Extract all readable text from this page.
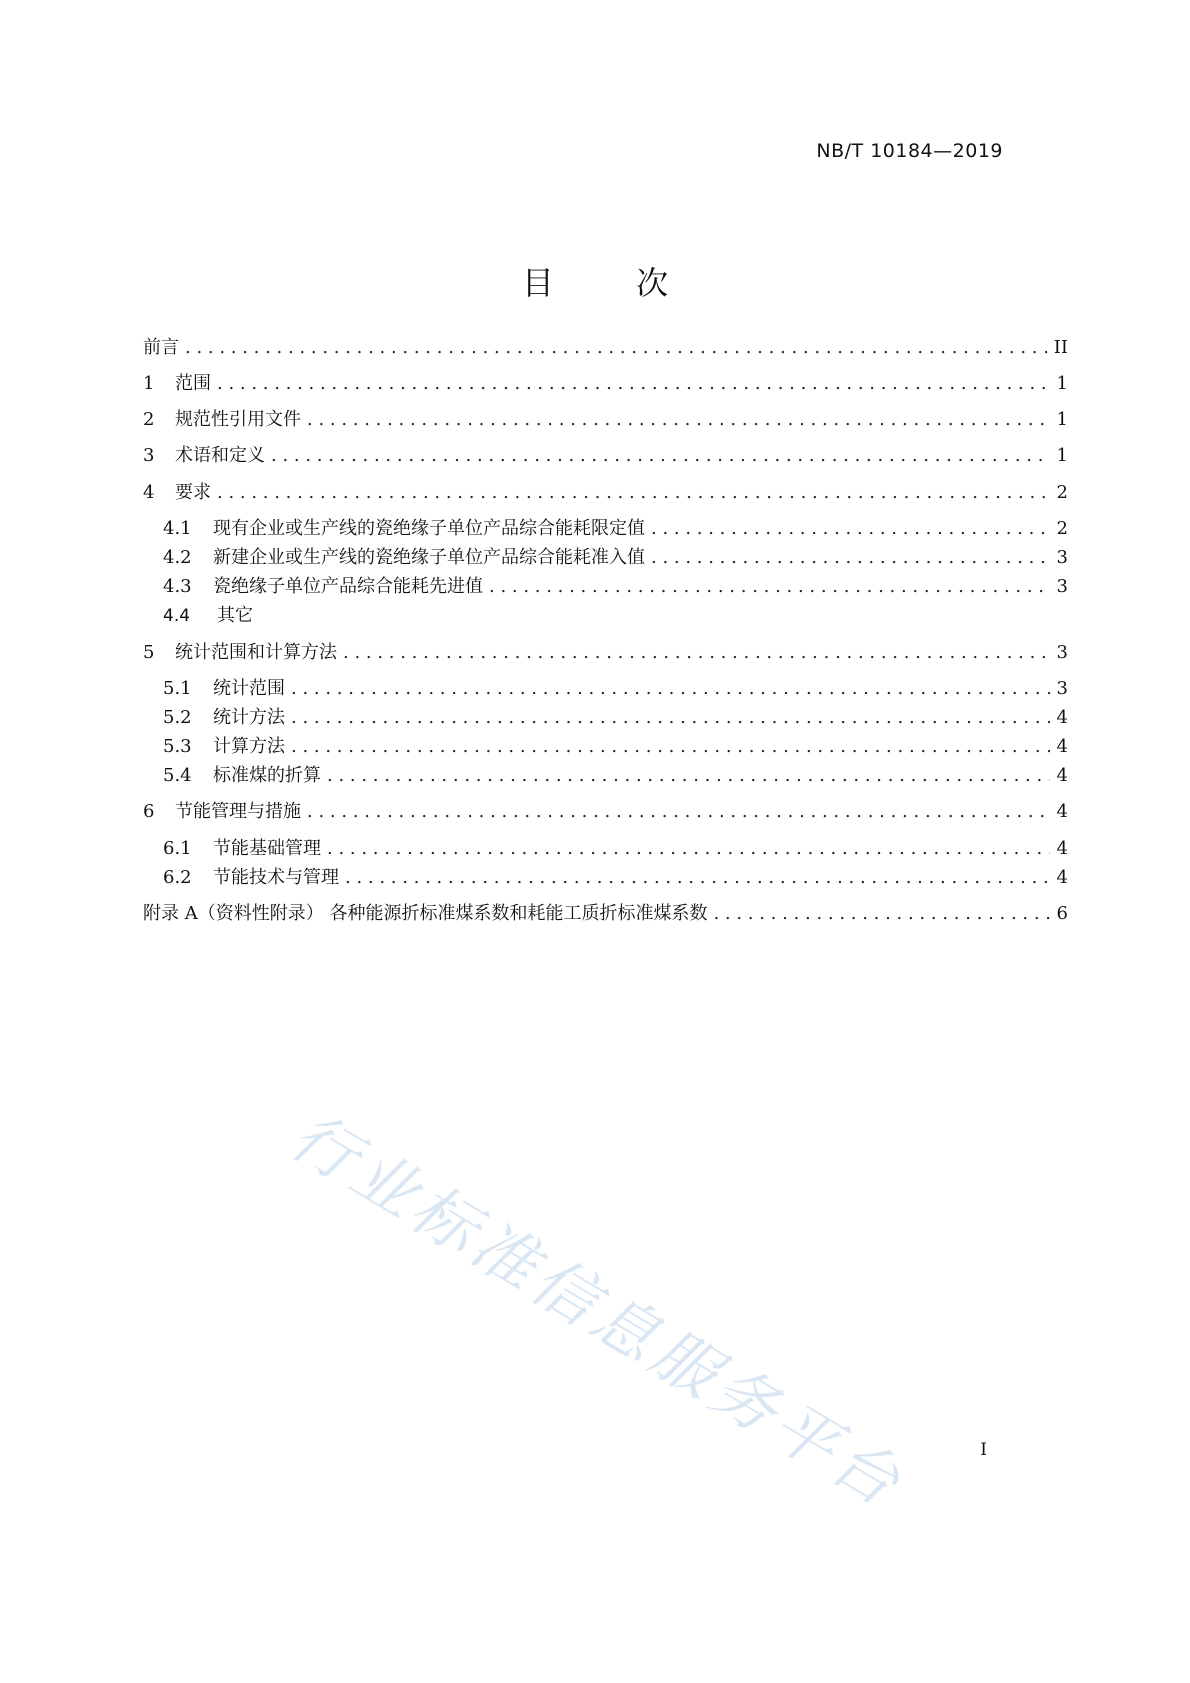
NB/T 10184—2019
目 次
前言 . . .	II
1	范围 . . .	1
2	规范性引用文件 . . .	1
3	术语和定义 . . .	1
4	要求 . . .	2
4.1	现有企业或生产线的瓷绝缘子单位产品综合能耗限定值 . . .	2
4.2	新建企业或生产线的瓷绝缘子单位产品综合能耗准入值 . . .	3
4.3	瓷绝缘子单位产品综合能耗先进值 . . .	3
4.4	其它
5	统计范围和计算方法 . . .	3
5.1	统计范围 . . .	3
5.2	统计方法 . . .	4
5.3	计算方法 . . .	4
5.4	标准煤的折算 . . .	4
6	节能管理与措施 . . .	4
6.1	节能基础管理 . . .	4
6.2	节能技术与管理 . . .	4
附录 A（资料性附录） 各种能源折标准煤系数和耗能工质折标准煤系数 . . .	6
行业标准信息服务平台	I
